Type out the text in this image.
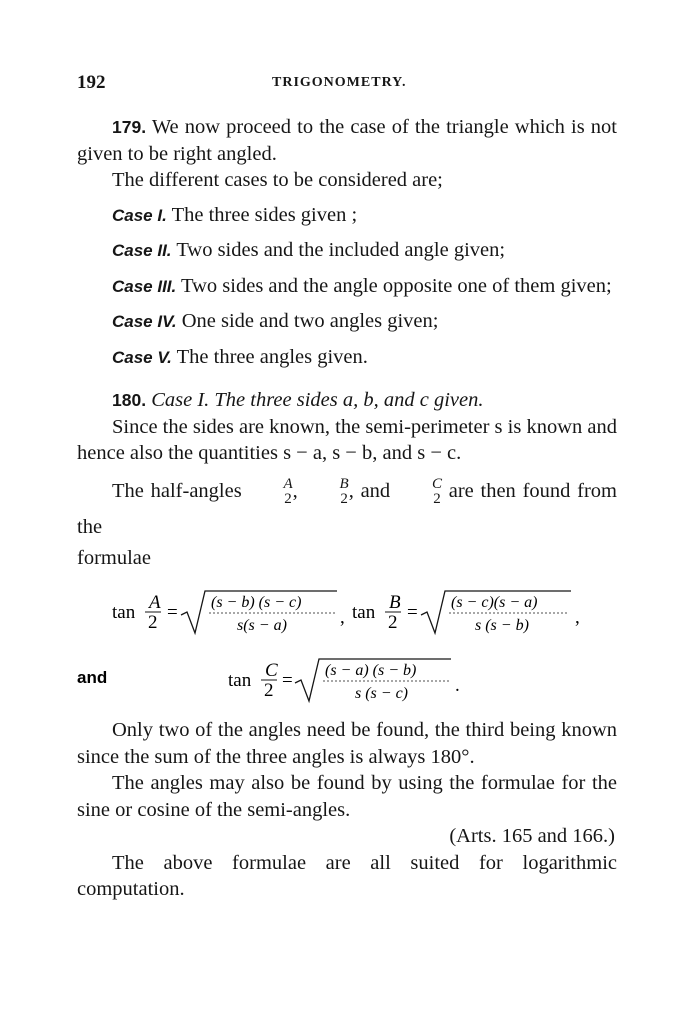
192	TRIGONOMETRY.

179. We now proceed to the case of the triangle which is not given to be right angled.

The different cases to be considered are;

Case I. The three sides given ;

Case II. Two sides and the included angle given;

Case III. Two sides and the angle opposite one of them given;

Case IV. One side and two angles given;

Case V. The three angles given.

180. Case I. The three sides a, b, and c given.

Since the sides are known, the semi-perimeter s is known and hence also the quantities s − a, s − b, and s − c.

The half-angles	A
2 ,	B
2 , and	C
2 are then found from the

formulae

tan A
2 = (s − b) (s − c)
s(s − a)	, tan B
2 = (s − c)(s − a)
s (s − b) ,
and	tan C
2 = (s − a) (s − b)
s (s − c) .

Only two of the angles need be found, the third being known since the sum of the three angles is always 180°.

The angles may also be found by using the formulae for the sine or cosine of the semi-angles.

(Arts. 165 and 166.)

The above formulae are all suited for logarithmic computation.
